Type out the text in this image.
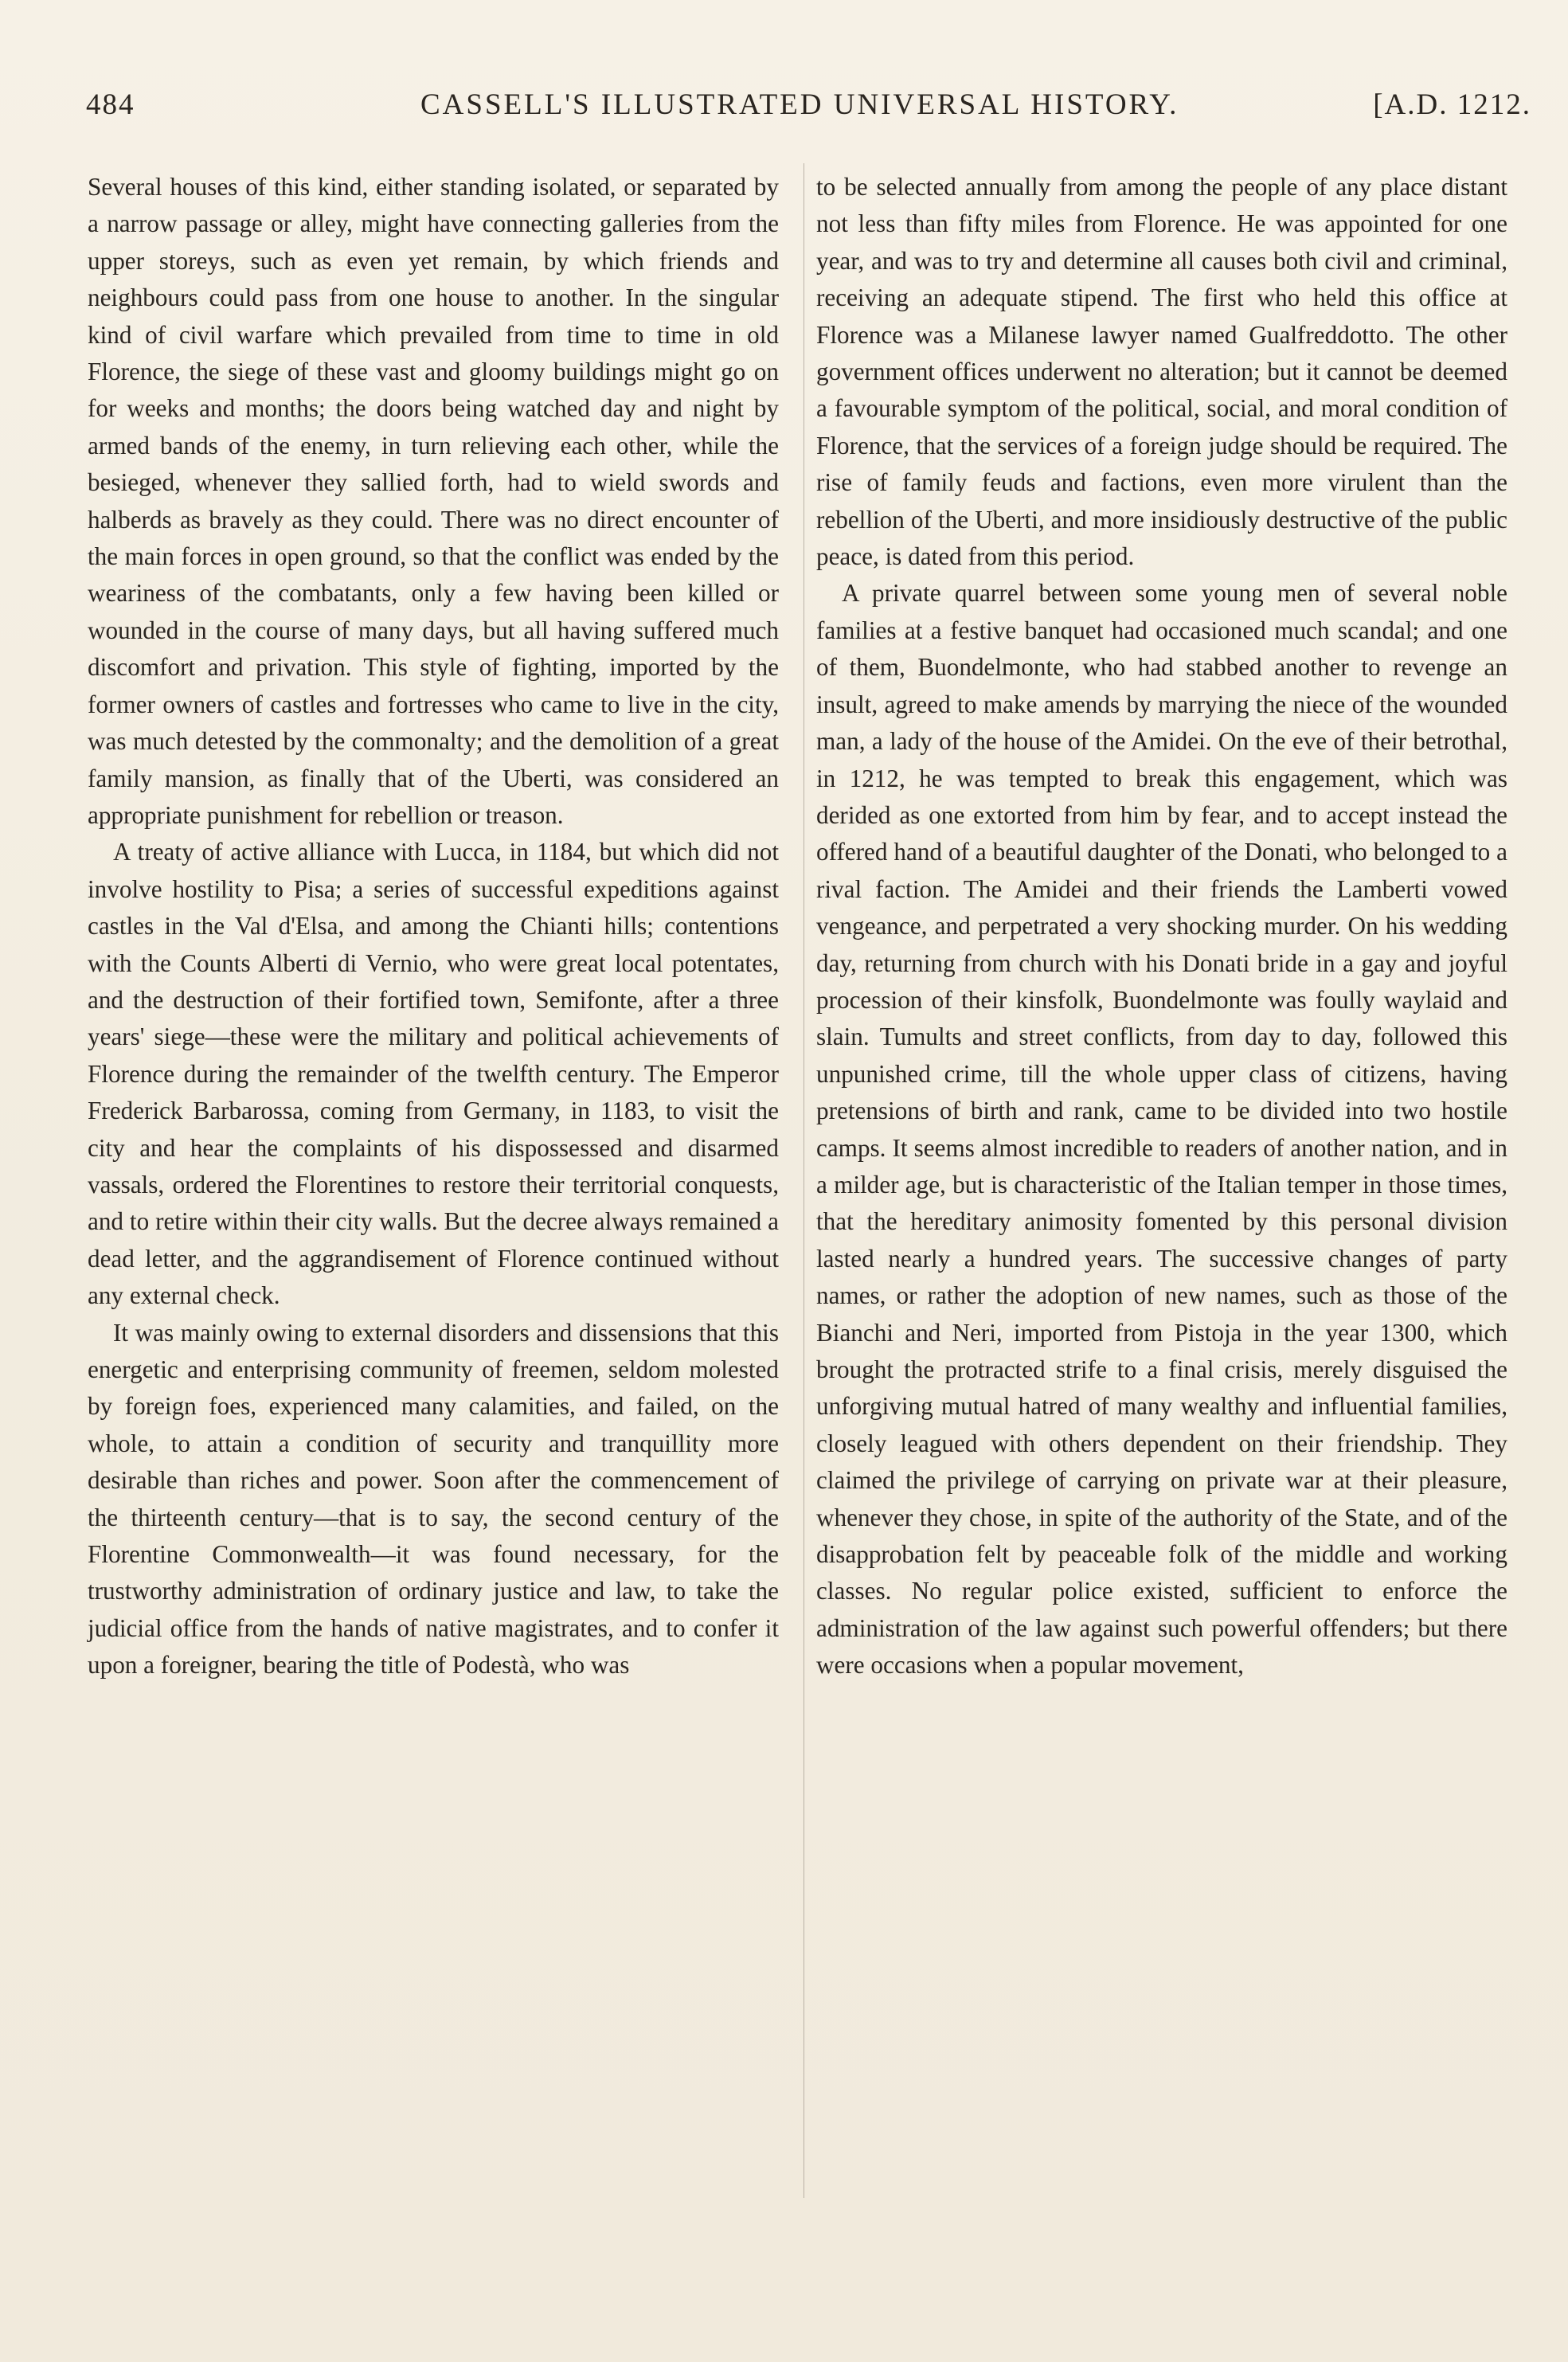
484	CASSELL'S ILLUSTRATED UNIVERSAL HISTORY.	[A.D. 1212.

Several houses of this kind, either standing isolated, or separated by a narrow passage or alley, might have connecting galleries from the upper storeys, such as even yet remain, by which friends and neighbours could pass from one house to another. In the singular kind of civil warfare which prevailed from time to time in old Florence, the siege of these vast and gloomy buildings might go on for weeks and months; the doors being watched day and night by armed bands of the enemy, in turn relieving each other, while the besieged, whenever they sallied forth, had to wield swords and halberds as bravely as they could. There was no direct encounter of the main forces in open ground, so that the conflict was ended by the weariness of the combatants, only a few having been killed or wounded in the course of many days, but all having suffered much discomfort and privation. This style of fighting, imported by the former owners of castles and fortresses who came to live in the city, was much detested by the commonalty; and the demolition of a great family mansion, as finally that of the Uberti, was considered an appropriate punishment for rebellion or treason.

A treaty of active alliance with Lucca, in 1184, but which did not involve hostility to Pisa; a series of successful expeditions against castles in the Val d'Elsa, and among the Chianti hills; contentions with the Counts Alberti di Vernio, who were great local potentates, and the destruction of their fortified town, Semifonte, after a three years' siege—these were the military and political achievements of Florence during the remainder of the twelfth century. The Emperor Frederick Barbarossa, coming from Germany, in 1183, to visit the city and hear the complaints of his dispossessed and disarmed vassals, ordered the Florentines to restore their territorial conquests, and to retire within their city walls. But the decree always remained a dead letter, and the aggrandisement of Florence continued without any external check.

It was mainly owing to external disorders and dissensions that this energetic and enterprising community of freemen, seldom molested by foreign foes, experienced many calamities, and failed, on the whole, to attain a condition of security and tranquillity more desirable than riches and power. Soon after the commencement of the thirteenth century—that is to say, the second century of the Florentine Commonwealth—it was found necessary, for the trustworthy administration of ordinary justice and law, to take the judicial office from the hands of native magistrates, and to confer it upon a foreigner, bearing the title of Podestà, who was

to be selected annually from among the people of any place distant not less than fifty miles from Florence. He was appointed for one year, and was to try and determine all causes both civil and criminal, receiving an adequate stipend. The first who held this office at Florence was a Milanese lawyer named Gualfreddotto. The other government offices underwent no alteration; but it cannot be deemed a favourable symptom of the political, social, and moral condition of Florence, that the services of a foreign judge should be required. The rise of family feuds and factions, even more virulent than the rebellion of the Uberti, and more insidiously destructive of the public peace, is dated from this period.

A private quarrel between some young men of several noble families at a festive banquet had occasioned much scandal; and one of them, Buondelmonte, who had stabbed another to revenge an insult, agreed to make amends by marrying the niece of the wounded man, a lady of the house of the Amidei. On the eve of their betrothal, in 1212, he was tempted to break this engagement, which was derided as one extorted from him by fear, and to accept instead the offered hand of a beautiful daughter of the Donati, who belonged to a rival faction. The Amidei and their friends the Lamberti vowed vengeance, and perpetrated a very shocking murder. On his wedding day, returning from church with his Donati bride in a gay and joyful procession of their kinsfolk, Buondelmonte was foully waylaid and slain. Tumults and street conflicts, from day to day, followed this unpunished crime, till the whole upper class of citizens, having pretensions of birth and rank, came to be divided into two hostile camps. It seems almost incredible to readers of another nation, and in a milder age, but is characteristic of the Italian temper in those times, that the hereditary animosity fomented by this personal division lasted nearly a hundred years. The successive changes of party names, or rather the adoption of new names, such as those of the Bianchi and Neri, imported from Pistoja in the year 1300, which brought the protracted strife to a final crisis, merely disguised the unforgiving mutual hatred of many wealthy and influential families, closely leagued with others dependent on their friendship. They claimed the privilege of carrying on private war at their pleasure, whenever they chose, in spite of the authority of the State, and of the disapprobation felt by peaceable folk of the middle and working classes. No regular police existed, sufficient to enforce the administration of the law against such powerful offenders; but there were occasions when a popular movement,
